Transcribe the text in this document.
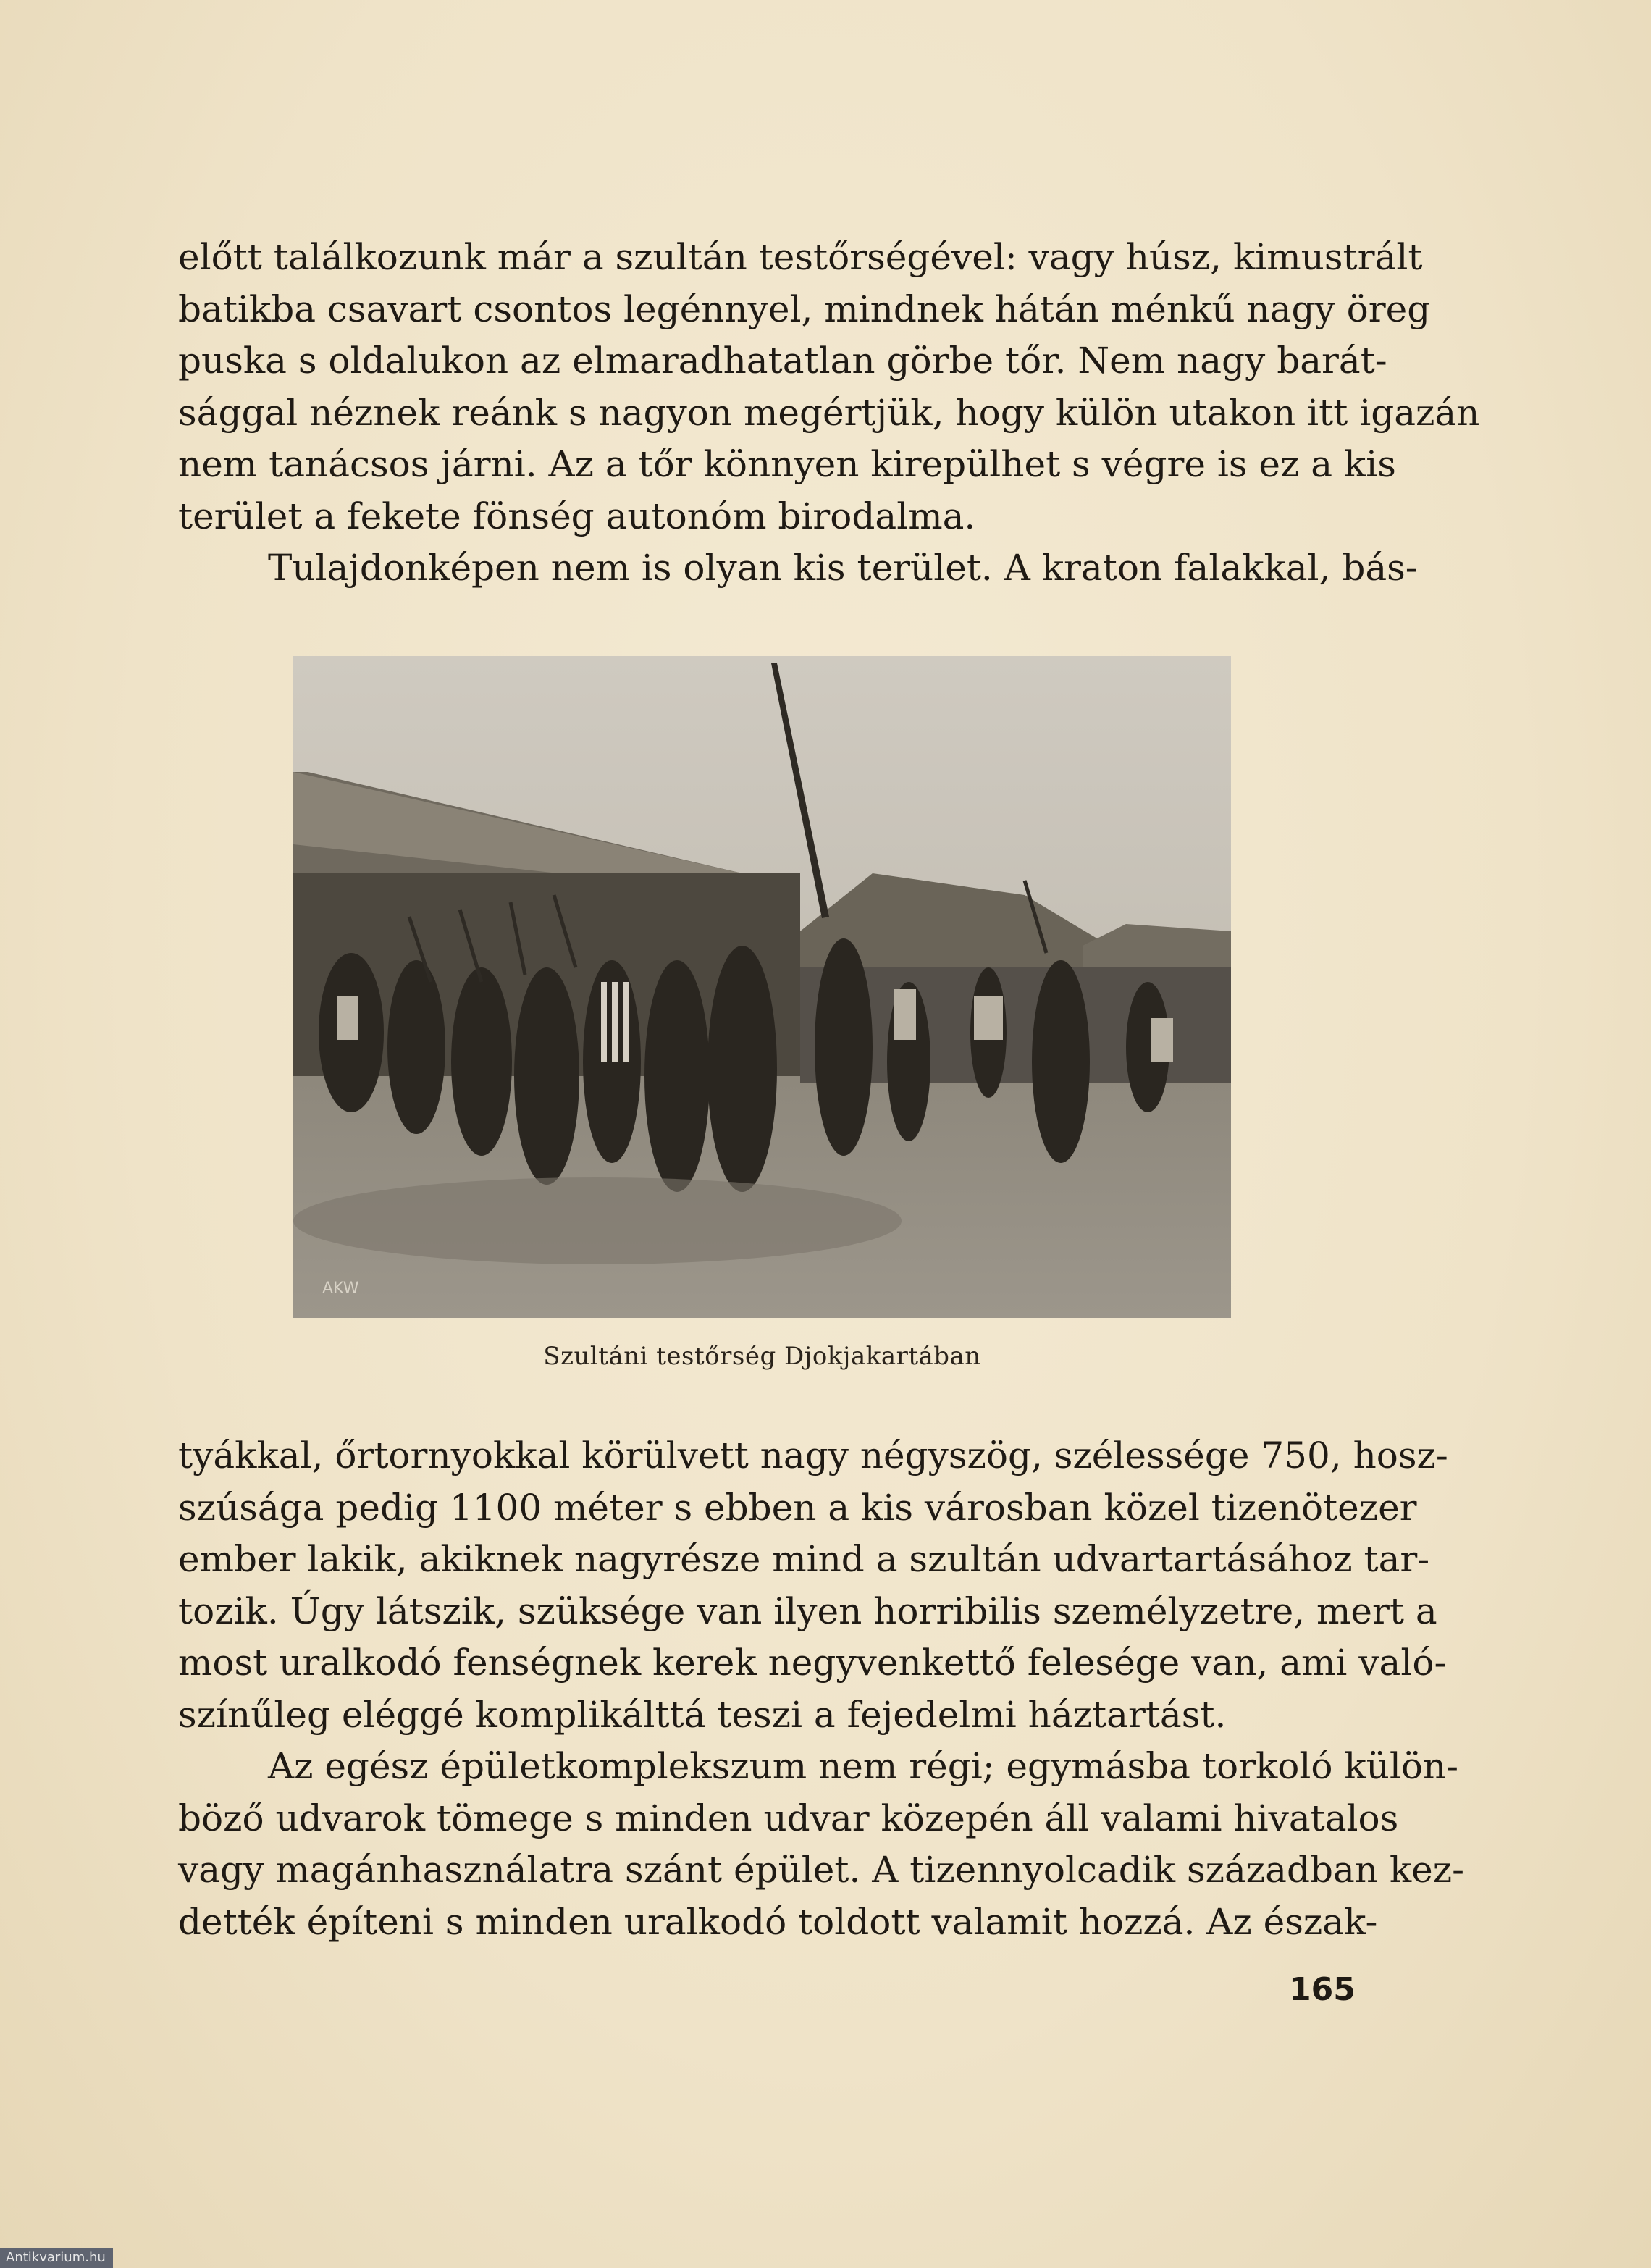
előtt találkozunk már a szultán testőrségével: vagy húsz, kimustrált
batikba csavart csontos legénnyel, mindnek hátán ménkű nagy öreg
puska s oldalukon az elmaradhatatlan görbe tőr. Nem nagy barát-
sággal néznek reánk s nagyon megértjük, hogy külön utakon itt igazán
nem tanácsos járni. Az a tőr könnyen kirepülhet s végre is ez a kis
terület a fekete fönség autonóm birodalma.

Tulajdonképen nem is olyan kis terület. A kraton falakkal, bás-

AKW
Szultáni testőrség Djokjakartában

tyákkal, őrtornyokkal körülvett nagy négyszög, szélessége 750, hosz-
szúsága pedig 1100 méter s ebben a kis városban közel tizenötezer
ember lakik, akiknek nagyrésze mind a szultán udvartartásához tar-
tozik. Úgy látszik, szüksége van ilyen horribilis személyzetre, mert a
most uralkodó fenségnek kerek negyvenkettő felesége van, ami való-
színűleg eléggé komplikálttá teszi a fejedelmi háztartást.

Az egész épületkomplekszum nem régi; egymásba torkoló külön-
böző udvarok tömege s minden udvar közepén áll valami hivatalos
vagy magánhasználatra szánt épület. A tizennyolcadik században kez-
dették építeni s minden uralkodó toldott valamit hozzá. Az észak-

165
Antikvarium.hu
